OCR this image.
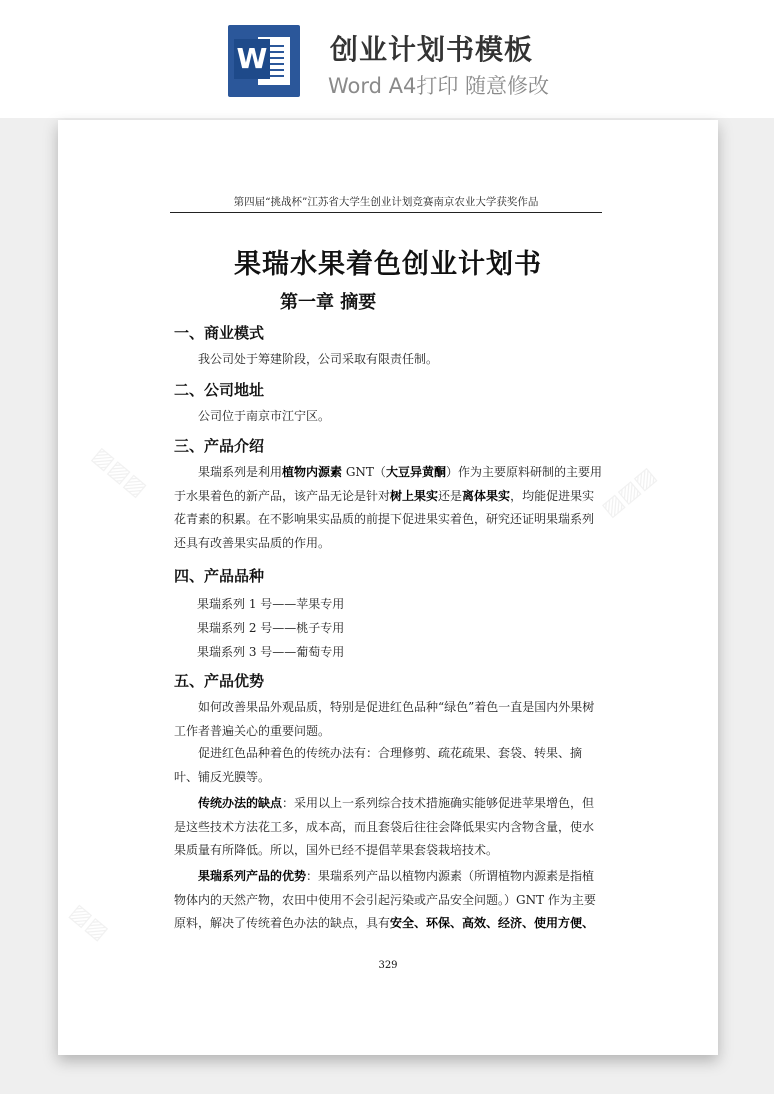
W 创业计划书模板
Word A4打印 随意修改
▨▨▨	▨▨▨
▨▨
第四届“挑战杯”江苏省大学生创业计划竞赛南京农业大学获奖作品
果瑞水果着色创业计划书
第一章 摘要
一、商业模式
我公司处于筹建阶段，公司采取有限责任制。
二、公司地址
公司位于南京市江宁区。
三、产品介绍
果瑞系列是利用植物内源素 GNT（大豆异黄酮）作为主要原料研制的主要用于水果着色的新产品，该产品无论是针对树上果实还是离体果实，均能促进果实花青素的积累。在不影响果实品质的前提下促进果实着色，研究还证明果瑞系列还具有改善果实品质的作用。
四、产品品种
果瑞系列 1 号——苹果专用
果瑞系列 2 号——桃子专用
果瑞系列 3 号——葡萄专用
五、产品优势
如何改善果品外观品质，特别是促进红色品种“绿色”着色一直是国内外果树工作者普遍关心的重要问题。
促进红色品种着色的传统办法有：合理修剪、疏花疏果、套袋、转果、摘叶、铺反光膜等。
传统办法的缺点：采用以上一系列综合技术措施确实能够促进苹果增色，但是这些技术方法花工多，成本高，而且套袋后往往会降低果实内含物含量，使水果质量有所降低。所以，国外已经不提倡苹果套袋栽培技术。
果瑞系列产品的优势：果瑞系列产品以植物内源素（所谓植物内源素是指植物体内的天然产物，农田中使用不会引起污染或产品安全问题。）GNT 作为主要原料，解决了传统着色办法的缺点，具有安全、环保、高效、经济、使用方便、
329
